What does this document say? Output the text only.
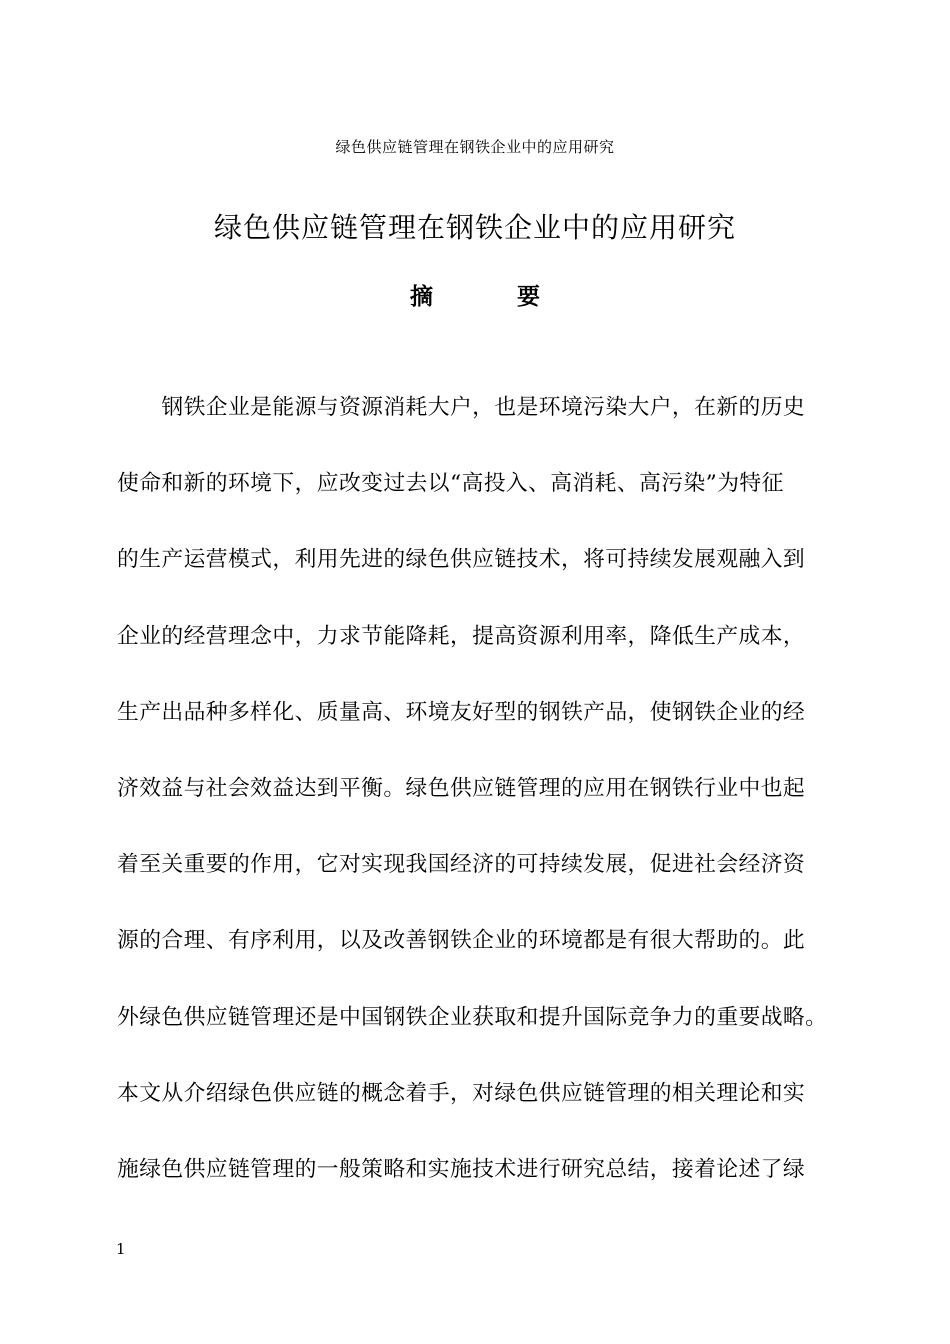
绿色供应链管理在钢铁企业中的应用研究
绿色供应链管理在钢铁企业中的应用研究
摘 要
　　钢铁企业是能源与资源消耗大户，也是环境污染大户，在新的历史
使命和新的环境下，应改变过去以“高投入、高消耗、高污染”为特征
的生产运营模式，利用先进的绿色供应链技术，将可持续发展观融入到
企业的经营理念中，力求节能降耗，提高资源利用率，降低生产成本，
生产出品种多样化、质量高、环境友好型的钢铁产品，使钢铁企业的经
济效益与社会效益达到平衡。绿色供应链管理的应用在钢铁行业中也起
着至关重要的作用，它对实现我国经济的可持续发展，促进社会经济资
源的合理、有序利用，以及改善钢铁企业的环境都是有很大帮助的。此
外绿色供应链管理还是中国钢铁企业获取和提升国际竞争力的重要战略。
本文从介绍绿色供应链的概念着手，对绿色供应链管理的相关理论和实
施绿色供应链管理的一般策略和实施技术进行研究总结，接着论述了绿
1
